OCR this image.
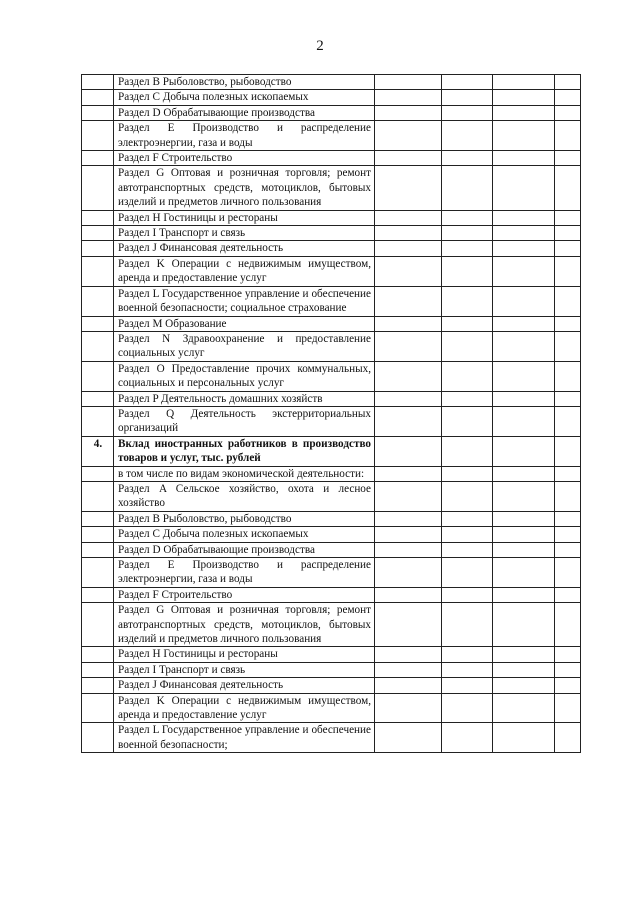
2
	Раздел B Рыболовство, рыбоводство				
	Раздел C Добыча полезных ископаемых				
	Раздел D Обрабатывающие производства				
	Раздел E Производство и распределение электроэнергии, газа и воды				
	Раздел F Строительство				
	Раздел G Оптовая и розничная торговля; ремонт автотранспортных средств, мотоциклов, бытовых изделий и предметов личного пользования				
	Раздел H Гостиницы и рестораны				
	Раздел I Транспорт и связь				
	Раздел J Финансовая деятельность				
	Раздел K Операции с недвижимым имуществом, аренда и предоставление услуг				
	Раздел L Государственное управление и обеспечение военной безопасности; социальное страхование				
	Раздел M Образование				
	Раздел N Здравоохранение и предоставление социальных услуг				
	Раздел O Предоставление прочих коммунальных, социальных и персональных услуг				
	Раздел P Деятельность домашних хозяйств				
	Раздел Q Деятельность экстерриториальных организаций				
4.	Вклад иностранных работников в производство товаров и услуг, тыс. рублей				
	в том числе по видам экономической деятельности:				
	Раздел A Сельское хозяйство, охота и лесное хозяйство				
	Раздел B Рыболовство, рыбоводство				
	Раздел C Добыча полезных ископаемых				
	Раздел D Обрабатывающие производства				
	Раздел E Производство и распределение электроэнергии, газа и воды				
	Раздел F Строительство				
	Раздел G Оптовая и розничная торговля; ремонт автотранспортных средств, мотоциклов, бытовых изделий и предметов личного пользования				
	Раздел H Гостиницы и рестораны				
	Раздел I Транспорт и связь				
	Раздел J Финансовая деятельность				
	Раздел K Операции с недвижимым имуществом, аренда и предоставление услуг				
	Раздел L Государственное управление и обеспечение военной безопасности;				
